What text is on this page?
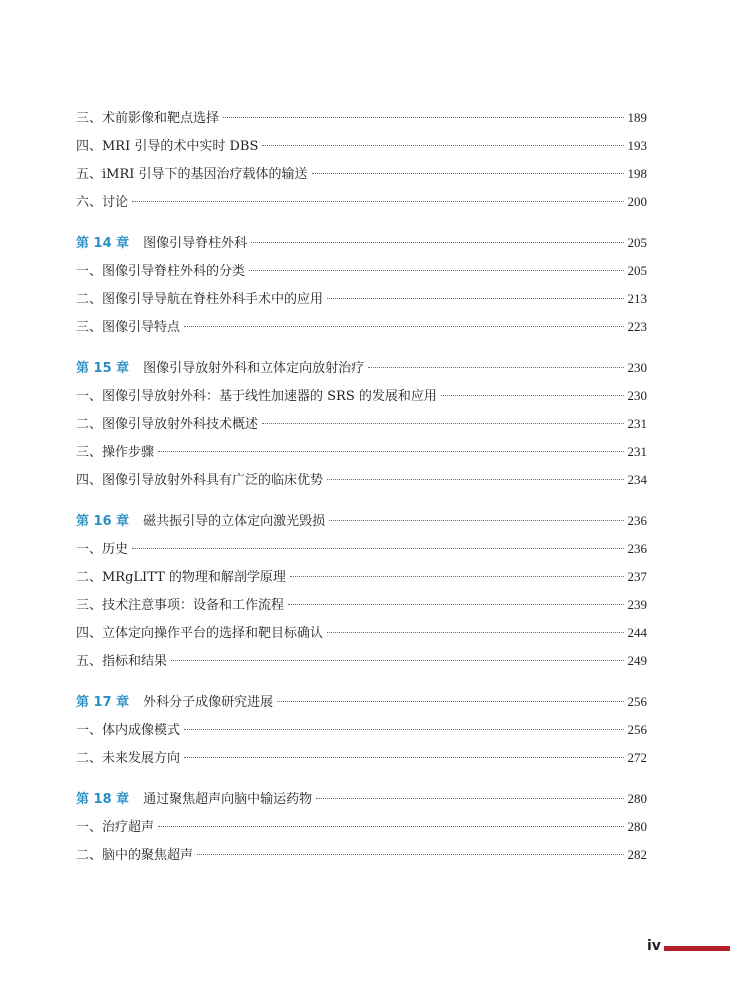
三、术前影像和靶点选择	189
四、MRI 引导的术中实时 DBS	193
五、iMRI 引导下的基因治疗载体的输送	198
六、讨论	200
第 14 章 图像引导脊柱外科	205
一、图像引导脊柱外科的分类	205
二、图像引导导航在脊柱外科手术中的应用	213
三、图像引导特点	223
第 15 章 图像引导放射外科和立体定向放射治疗	230
一、图像引导放射外科：基于线性加速器的 SRS 的发展和应用	230
二、图像引导放射外科技术概述	231
三、操作步骤	231
四、图像引导放射外科具有广泛的临床优势	234
第 16 章 磁共振引导的立体定向激光毁损	236
一、历史	236
二、MRgLITT 的物理和解剖学原理	237
三、技术注意事项：设备和工作流程	239
四、立体定向操作平台的选择和靶目标确认	244
五、指标和结果	249
第 17 章 外科分子成像研究进展	256
一、体内成像模式	256
二、未来发展方向	272
第 18 章 通过聚焦超声向脑中输运药物	280
一、治疗超声	280
二、脑中的聚焦超声	282
iv
